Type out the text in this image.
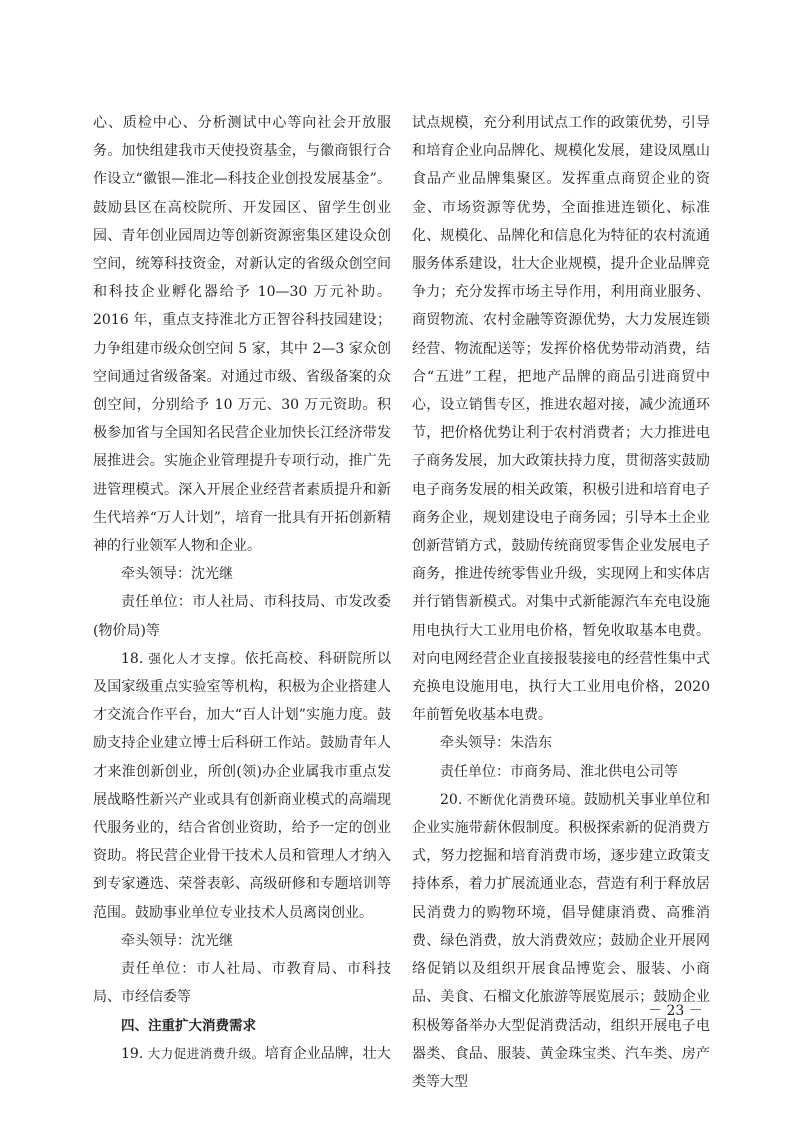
心、质检中心、分析测试中心等向社会开放服务。加快组建我市天使投资基金，与徽商银行合作设立“徽银—淮北—科技企业创投发展基金”。鼓励县区在高校院所、开发园区、留学生创业园、青年创业园周边等创新资源密集区建设众创空间，统筹科技资金，对新认定的省级众创空间和科技企业孵化器给予 10—30 万元补助。2016 年，重点支持淮北方正智谷科技园建设；力争组建市级众创空间 5 家，其中 2—3 家众创空间通过省级备案。对通过市级、省级备案的众创空间，分别给予 10 万元、30 万元资助。积极参加省与全国知名民营企业加快长江经济带发展推进会。实施企业管理提升专项行动，推广先进管理模式。深入开展企业经营者素质提升和新生代培养“万人计划”，培育一批具有开拓创新精神的行业领军人物和企业。

牵头领导：沈光继

责任单位：市人社局、市科技局、市发改委(物价局)等

18. 强化人才支撑。依托高校、科研院所以及国家级重点实验室等机构，积极为企业搭建人才交流合作平台，加大“百人计划”实施力度。鼓励支持企业建立博士后科研工作站。鼓励青年人才来淮创新创业，所创(领)办企业属我市重点发展战略性新兴产业或具有创新商业模式的高端现代服务业的，结合省创业资助，给予一定的创业资助。将民营企业骨干技术人员和管理人才纳入到专家遴选、荣誉表彰、高级研修和专题培训等范围。鼓励事业单位专业技术人员离岗创业。

牵头领导：沈光继

责任单位：市人社局、市教育局、市科技局、市经信委等

四、注重扩大消费需求

19. 大力促进消费升级。培育企业品牌，壮大

试点规模，充分利用试点工作的政策优势，引导和培育企业向品牌化、规模化发展，建设凤凰山食品产业品牌集聚区。发挥重点商贸企业的资金、市场资源等优势，全面推进连锁化、标准化、规模化、品牌化和信息化为特征的农村流通服务体系建设，壮大企业规模，提升企业品牌竞争力；充分发挥市场主导作用，利用商业服务、商贸物流、农村金融等资源优势，大力发展连锁经营、物流配送等；发挥价格优势带动消费，结合“五进”工程，把地产品牌的商品引进商贸中心，设立销售专区，推进农超对接，减少流通环节，把价格优势让利于农村消费者；大力推进电子商务发展，加大政策扶持力度，贯彻落实鼓励电子商务发展的相关政策，积极引进和培育电子商务企业，规划建设电子商务园；引导本土企业创新营销方式，鼓励传统商贸零售企业发展电子商务，推进传统零售业升级，实现网上和实体店并行销售新模式。对集中式新能源汽车充电设施用电执行大工业用电价格，暂免收取基本电费。对向电网经营企业直接报装接电的经营性集中式充换电设施用电，执行大工业用电价格，2020 年前暂免收基本电费。

牵头领导：朱浩东

责任单位：市商务局、淮北供电公司等

20. 不断优化消费环境。鼓励机关事业单位和企业实施带薪休假制度。积极探索新的促消费方式，努力挖掘和培育消费市场，逐步建立政策支持体系，着力扩展流通业态，营造有利于释放居民消费力的购物环境，倡导健康消费、高雅消费、绿色消费，放大消费效应；鼓励企业开展网络促销以及组织开展食品博览会、服装、小商品、美食、石榴文化旅游等展览展示；鼓励企业积极筹备举办大型促消费活动，组织开展电子电器类、食品、服装、黄金珠宝类、汽车类、房产类等大型

－ 23 －
